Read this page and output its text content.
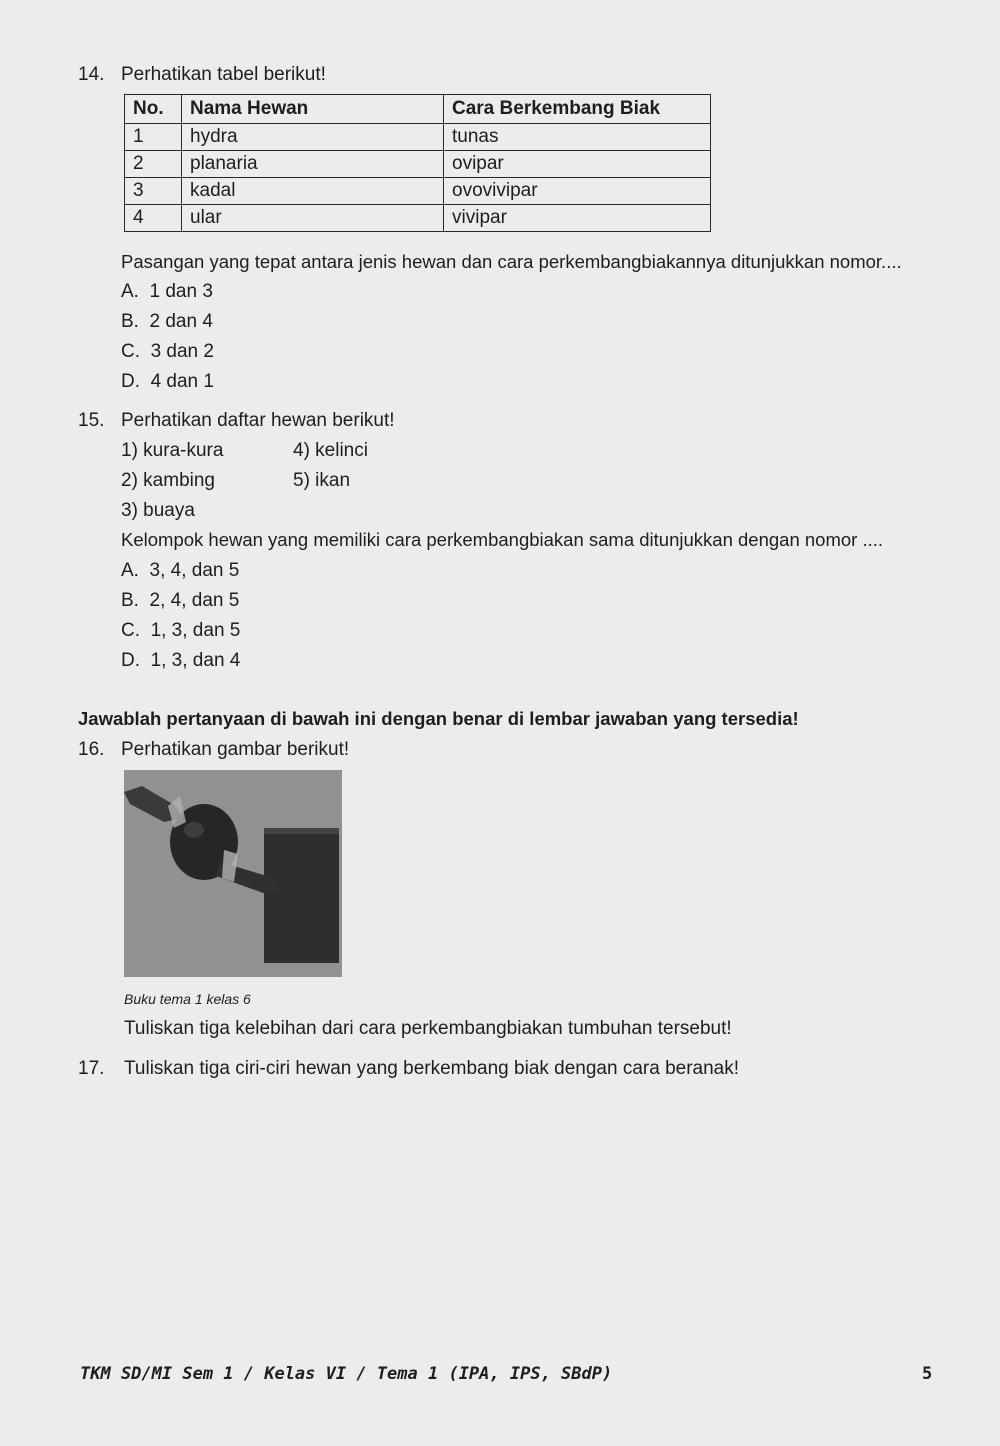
14. Perhatikan tabel berikut!
No.	Nama Hewan	Cara Berkembang Biak
1	hydra	tunas
2	planaria	ovipar
3	kadal	ovovivipar
4	ular	vivipar
Pasangan yang tepat antara jenis hewan dan cara perkembangbiakannya ditunjukkan nomor....
A. 1 dan 3
B. 2 dan 4
C. 3 dan 2
D. 4 dan 1
15. Perhatikan daftar hewan berikut!
1) kura-kura
2) kambing
3) buaya
4) kelinci
5) ikan
Kelompok hewan yang memiliki cara perkembangbiakan sama ditunjukkan dengan nomor ....
A. 3, 4, dan 5
B. 2, 4, dan 5
C. 1, 3, dan 5
D. 1, 3, dan 4
Jawablah pertanyaan di bawah ini dengan benar di lembar jawaban yang tersedia!
16. Perhatikan gambar berikut!
Buku tema 1 kelas 6
Tuliskan tiga kelebihan dari cara perkembangbiakan tumbuhan tersebut!
17. Tuliskan tiga ciri-ciri hewan yang berkembang biak dengan cara beranak!
TKM SD/MI Sem 1 / Kelas VI / Tema 1 (IPA, IPS, SBdP)	5
